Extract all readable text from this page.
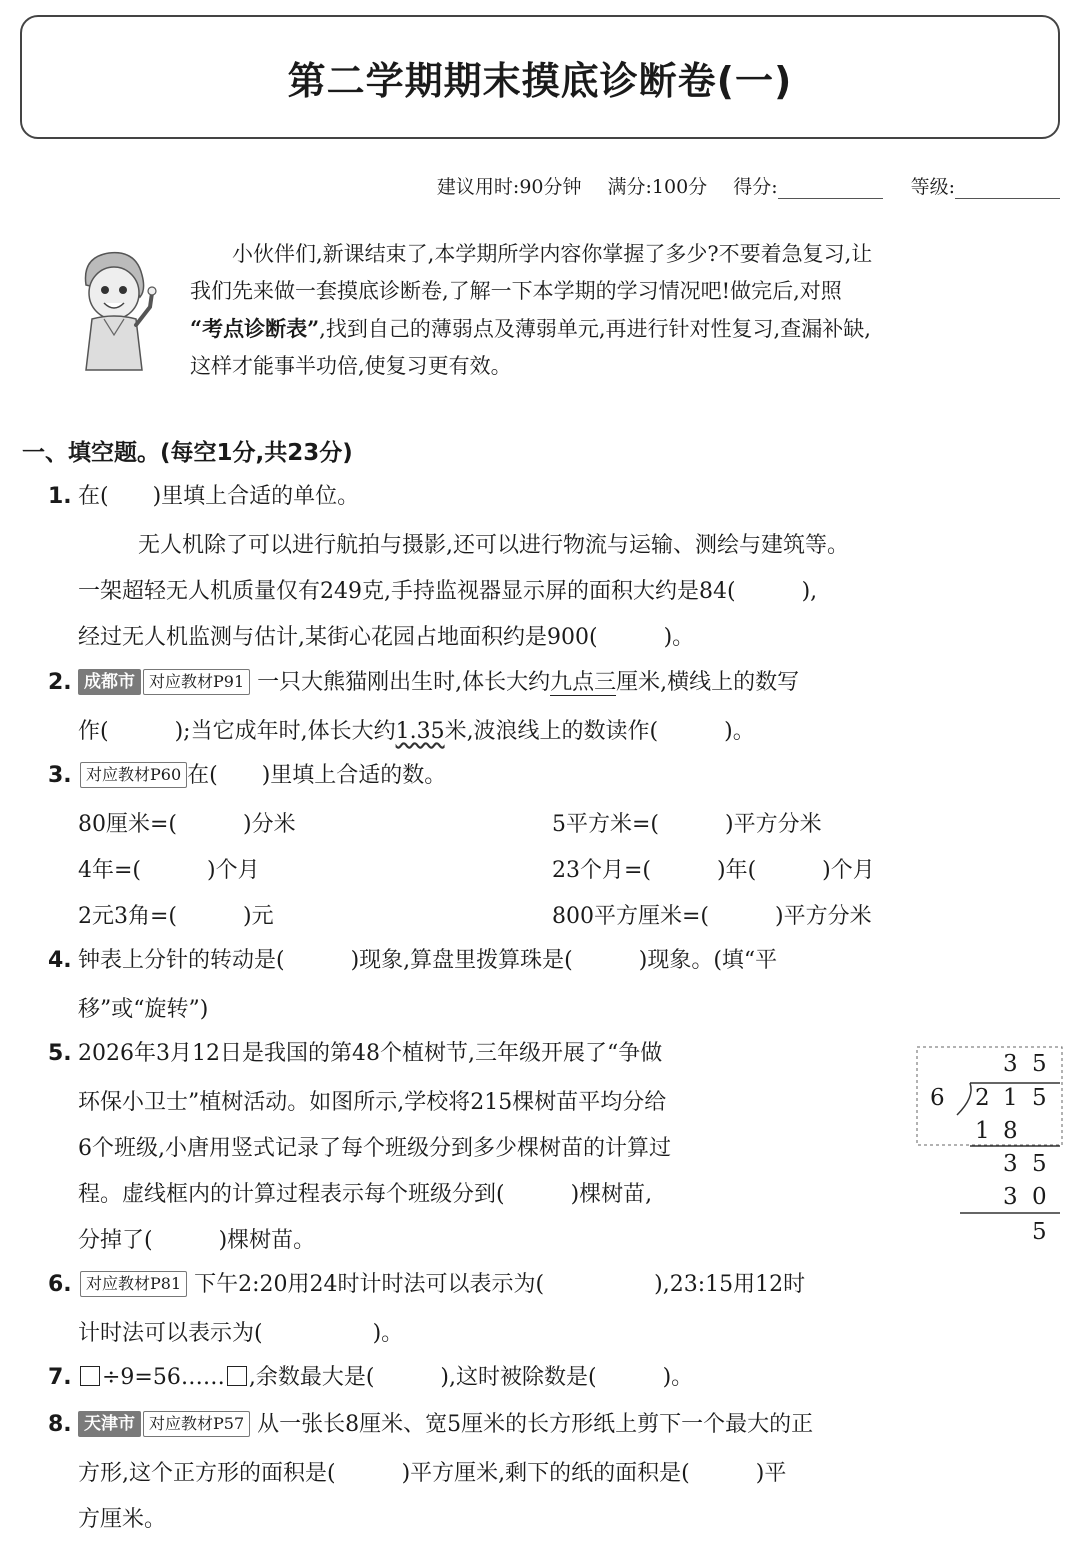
第二学期期末摸底诊断卷(一)
建议用时:90分钟 满分:100分 得分:	等级:

小伙伴们,新课结束了,本学期所学内容你掌握了多少?不要着急复习,让

我们先来做一套摸底诊断卷,了解一下本学期的学习情况吧!做完后,对照
“考点诊断表”,找到自己的薄弱点及薄弱单元,再进行针对性复习,查漏补缺,
这样才能事半功倍,使复习更有效。
一、填空题。(每空1分,共23分)
1. 在(　　)里填上合适的单位。
无人机除了可以进行航拍与摄影,还可以进行物流与运输、测绘与建筑等。
一架超轻无人机质量仅有249克,手持监视器显示屏的面积大约是84(　　　),
经过无人机监测与估计,某街心花园占地面积约是900(　　　)。
2. 成都市 对应教材P91 一只大熊猫刚出生时,体长大约九点三厘米,横线上的数写
作(　　　);当它成年时,体长大约1.35米,波浪线上的数读作(　　　)。
3. 对应教材P60 在(　　)里填上合适的数。
80厘米=(　　　)分米	5平方米=(　　　)平方分米
4年=(　　　)个月	23个月=(　　　)年(　　　)个月
2元3角=(　　　)元	800平方厘米=(　　　)平方分米
4. 钟表上分针的转动是(　　　)现象,算盘里拨算珠是(　　　)现象。(填“平
移”或“旋转”)
5. 2026年3月12日是我国的第48个植树节,三年级开展了“争做
环保小卫士”植树活动。如图所示,学校将215棵树苗平均分给
6个班级,小唐用竖式记录了每个班级分到多少棵树苗的计算过
程。虚线框内的计算过程表示每个班级分到(　　　)棵树苗,
分掉了(　　　)棵树苗。
3 5
6 2 1 5
1 8
3 5
3 0
5
6. 对应教材P81 下午2:20用24时计时法可以表示为(　　　　　),23:15用12时
计时法可以表示为(　　　　　)。
7. ÷9=56…… ,余数最大是(　　　),这时被除数是(　　　)。
8. 天津市 对应教材P57 从一张长8厘米、宽5厘米的长方形纸上剪下一个最大的正
方形,这个正方形的面积是(　　　)平方厘米,剩下的纸的面积是(　　　)平
方厘米。
